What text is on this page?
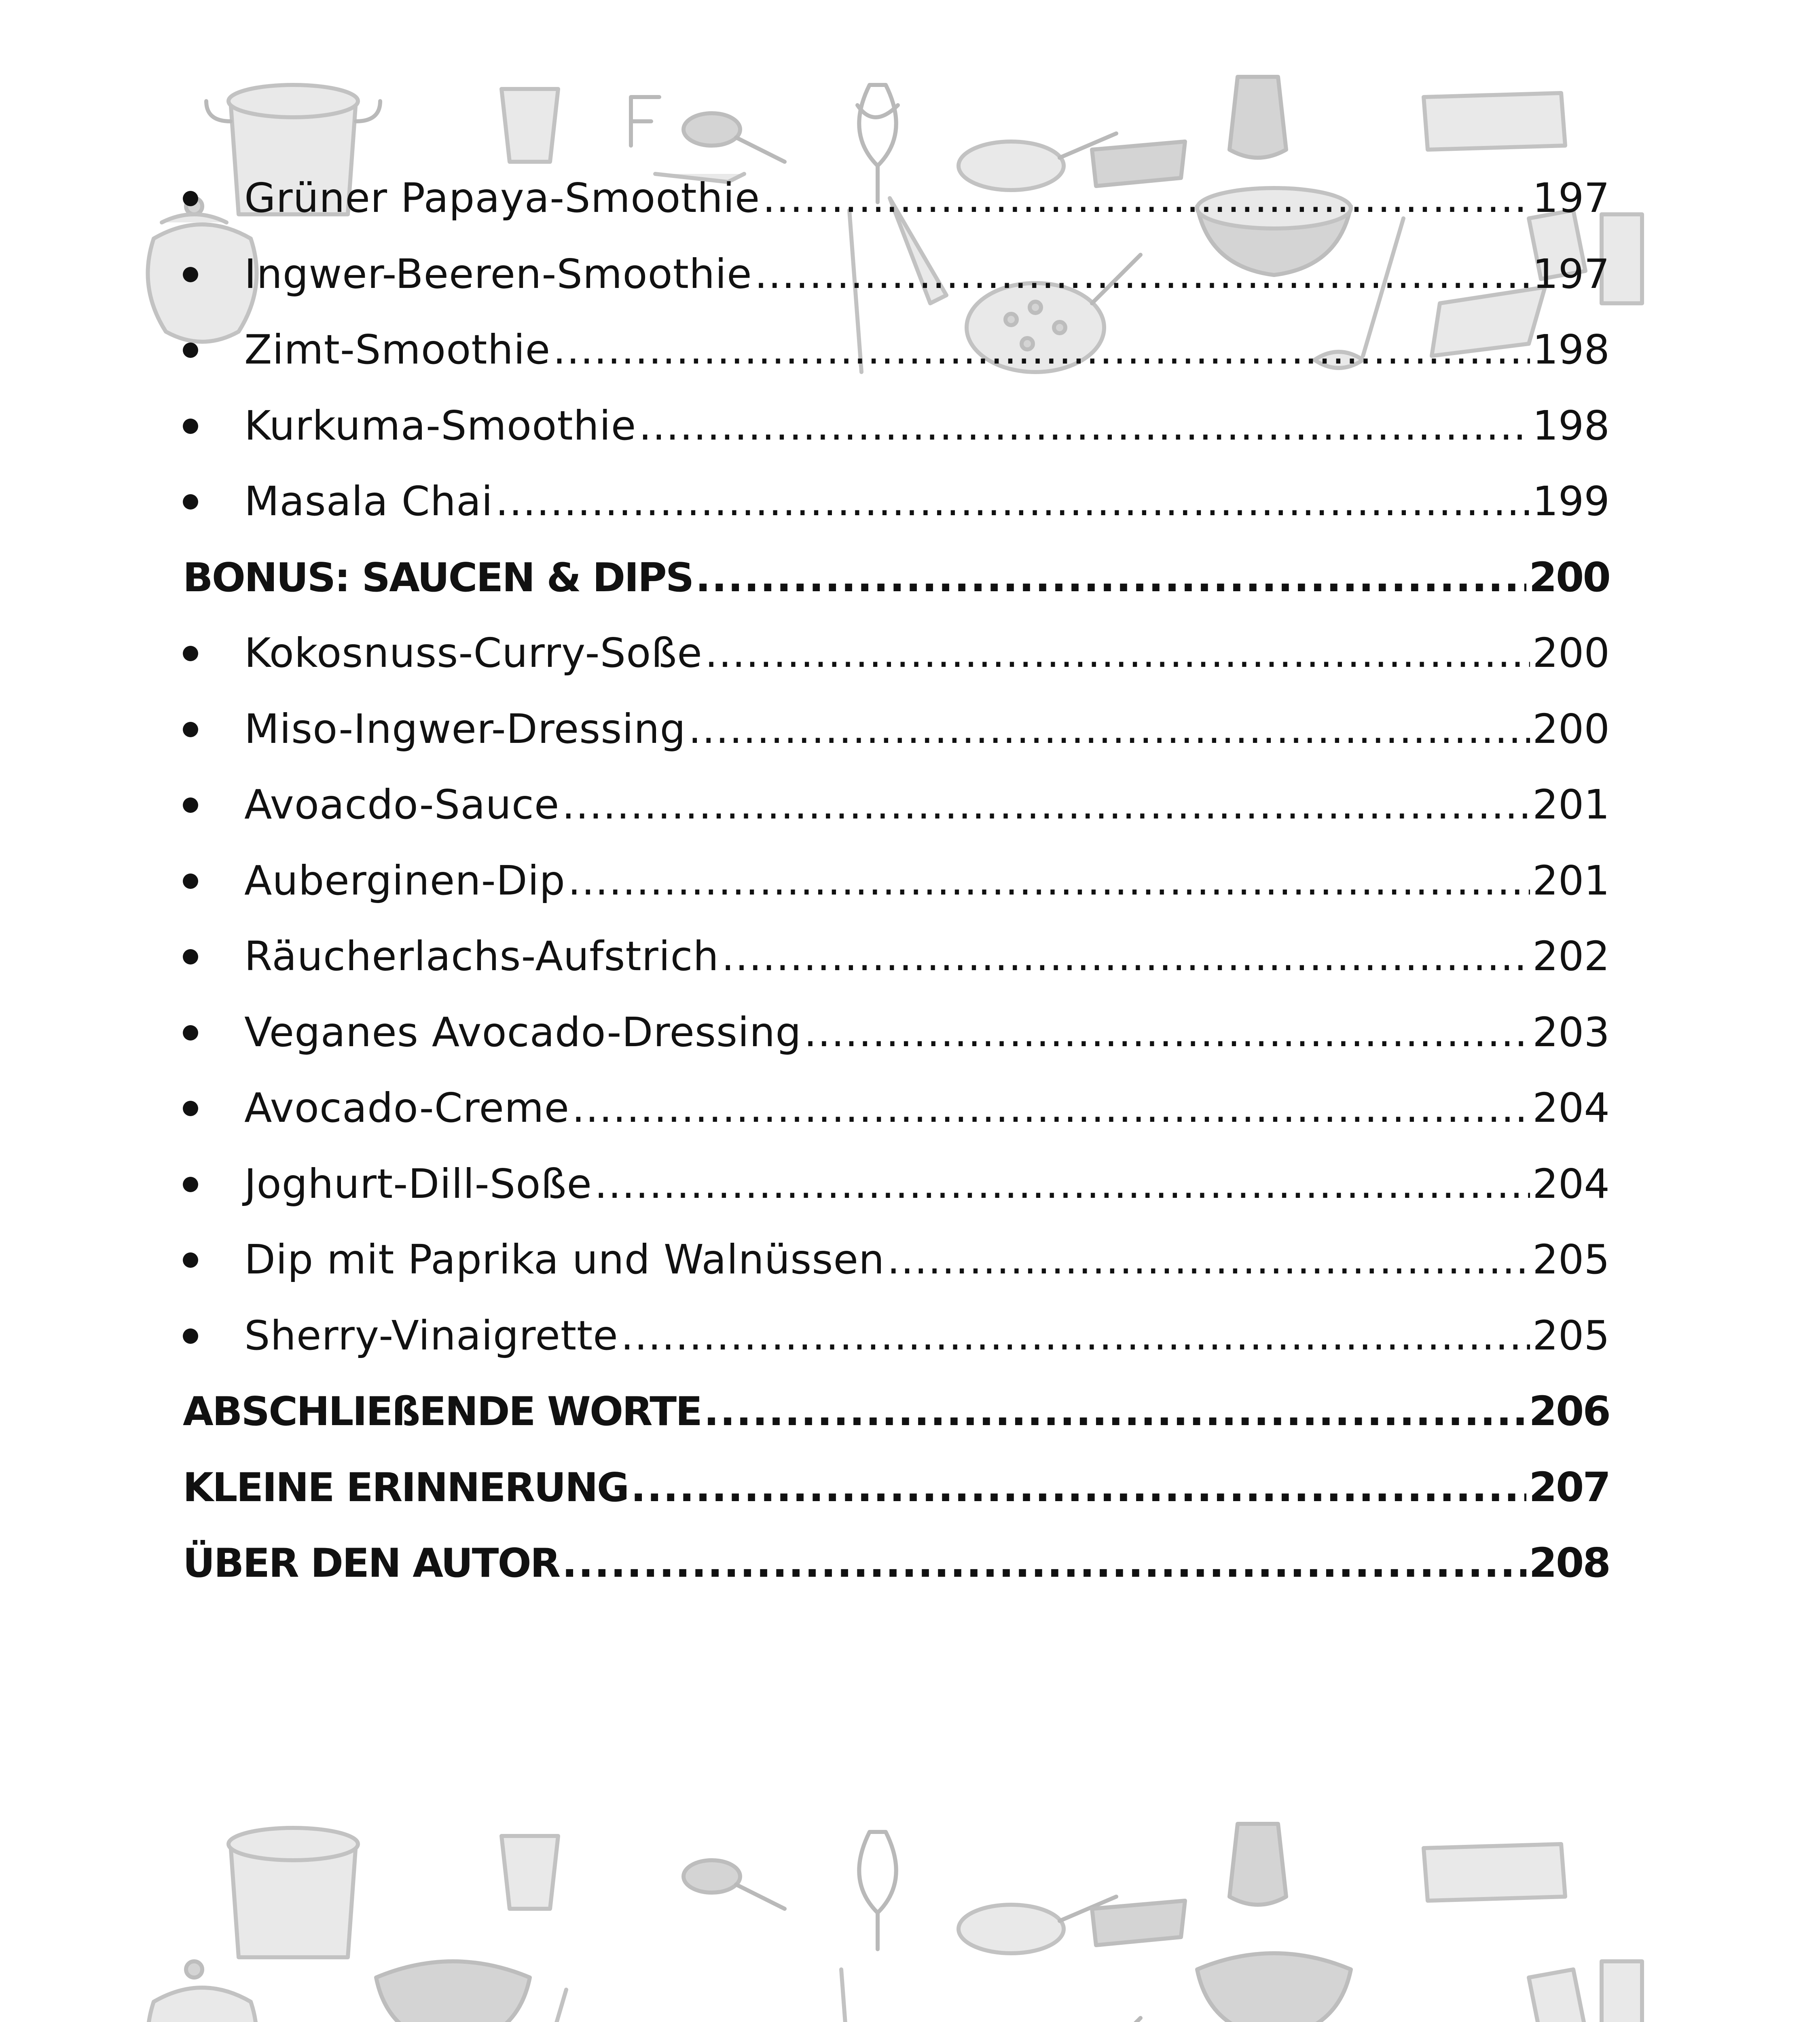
Grüner Papaya-Smoothie .....	197
Ingwer-Beeren-Smoothie .....	197
Zimt-Smoothie .....	198
Kurkuma-Smoothie .....	198
Masala Chai .....	199
BONUS: SAUCEN & DIPS .....	200
Kokosnuss-Curry-Soße .....	200
Miso-Ingwer-Dressing .....	200
Avoacdo-Sauce .....	201
Auberginen-Dip .....	201
Räucherlachs-Aufstrich .....	202
Veganes Avocado-Dressing .....	203
Avocado-Creme .....	204
Joghurt-Dill-Soße .....	204
Dip mit Paprika und Walnüssen .....	205
Sherry-Vinaigrette .....	205
ABSCHLIEßENDE WORTE .....	206
KLEINE ERINNERUNG .....	207
ÜBER DEN AUTOR .....	208
